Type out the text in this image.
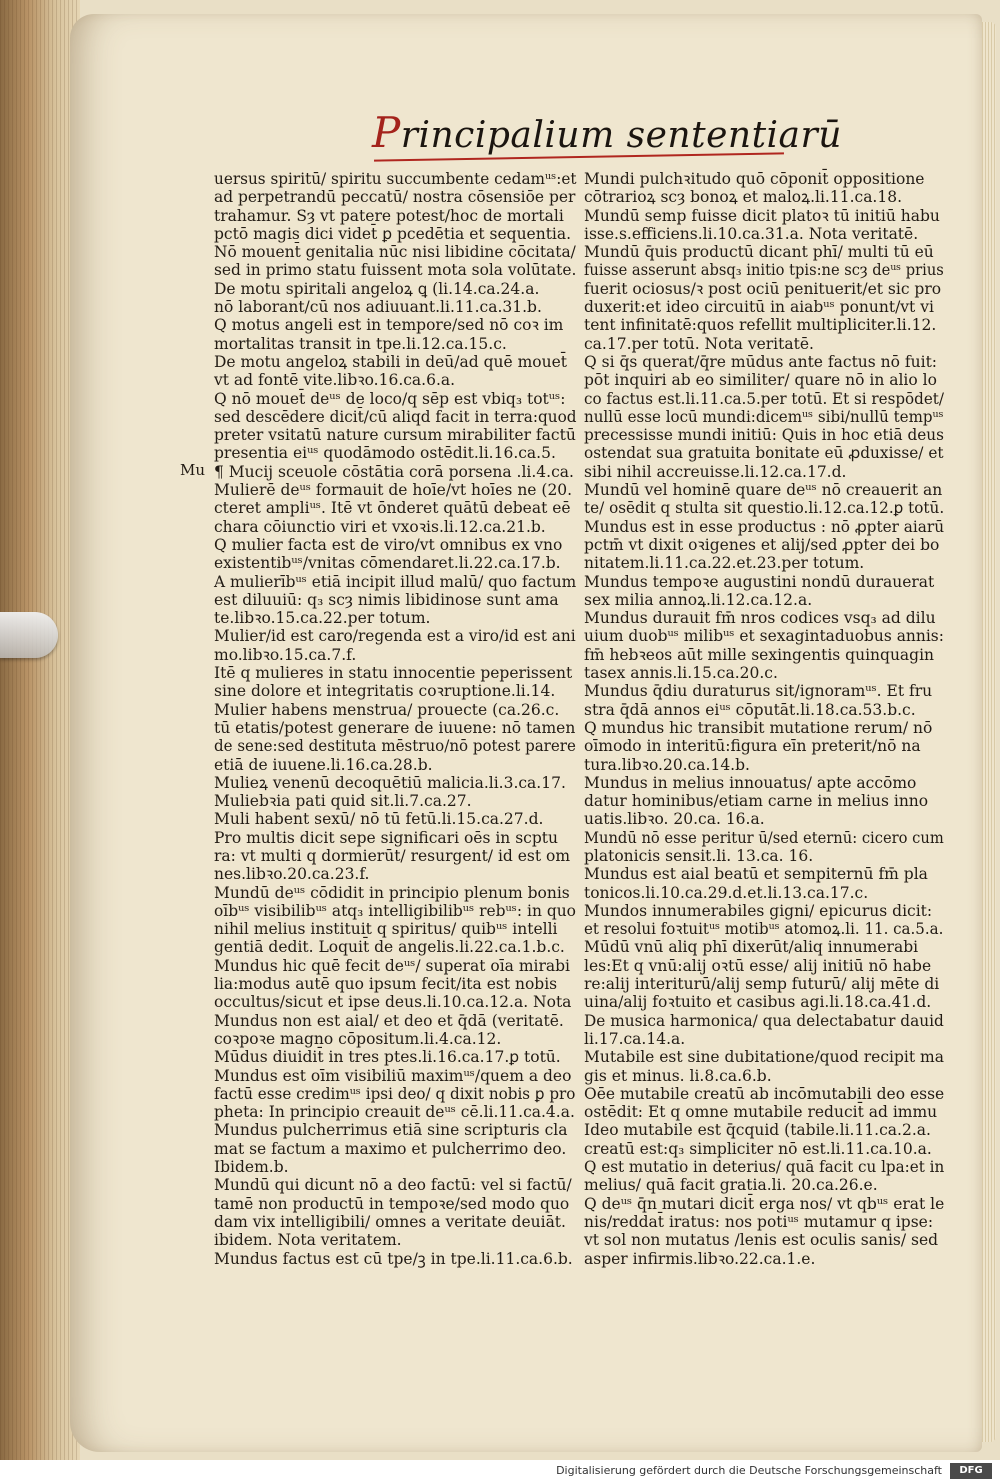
Principalium sententiarū
Mu
uersus spiritū/ spiritu succumbente cedamᵘˢ:et
ad perpetrandū peccatū/ nostra cōsensiōe per
trahamur. Sȝ vt patere potest/hoc de mortali
pctō magis dici videt̄ ꝑ pcedētia et sequentia.
Nō mouent̄ genitalia nūc nisi libidine cōcitata/
sed in primo statu fuissent mota sola volūtate.
De motu spiritali angeloꝝ ꝗ (li.14.ca.24.a.
nō laborant/cū nos adiuuant.li.11.ca.31.b.
Q motus angeli est in tempore/sed nō coꝛ im
mortalitas transit in tpe.li.12.ca.15.c.
De motu angeloꝝ stabili in deū/ad quē mouet̄
vt ad fontē vite.libꝛo.16.ca.6.a.
Q nō mouet̄ deᵘˢ de loco/q sēp est vbiq₃ totᵘˢ:
sed descēdere dicit̄/cū aliqd facit in terra:quod
preter vsitatū nature cursum mirabiliter factū
presentia eiᵘˢ quodāmodo ostēdit.li.16.ca.5.
¶ Mucij sceuole cōstātia corā porsena .li.4.ca.
Mulierē deᵘˢ formauit de hoīe/vt hoīes ne (20.
cteret ampliᵘˢ. Itē vt ōnderet quātū debeat eē
chara cōiunctio viri et vxoꝛis.li.12.ca.21.b.
Q mulier facta est de viro/vt omnibus ex vno
existentibᵘˢ/vnitas cōmendaret.li.22.ca.17.b.
A mulierībᵘˢ etiā incipit illud malū/ quo factum
est diluuiū: q₃ scȝ nimis libidinose sunt ama
te.libꝛo.15.ca.22.per totum.
Mulier/id est caro/regenda est a viro/id est ani
mo.libꝛo.15.ca.7.f.
Itē q mulieres in statu innocentie peperissent
sine dolore et integritatis coꝛruptione.li.14.
Mulier habens menstrua/ prouecte (ca.26.c.
tū etatis/potest generare de iuuene: nō tamen
de sene:sed destituta mēstruo/nō potest parere
etiā de iuuene.li.16.ca.28.b.
Mulieꝝ venenū decoquētiū malicia.li.3.ca.17.
Muliebꝛia pati quid sit.li.7.ca.27.
Muli habent sexū/ nō tū fetū.li.15.ca.27.d.
Pro multis dicit sepe significari oēs in scptu
ra: vt multi q dormierūt/ resurgent/ id est om
nes.libꝛo.20.ca.23.f.
Mundū deᵘˢ cōdidit in principio plenum bonis
oībᵘˢ visibilibᵘˢ atq₃ intelligibilibᵘˢ rebᵘˢ: in quo
nihil melius instituit q spiritus/ quibᵘˢ intelli
gentiā dedit. Loquit̄ de angelis.li.22.ca.1.b.c.
Mundus hic quē fecit deᵘˢ/ superat oīa mirabi
lia:modus autē quo ipsum fecit/ita est nobis
occultus/sicut et ipse deus.li.10.ca.12.a. Nota
Mundus non est aial/ et deo et q̄dā (veritatē.
coꝛpoꝛe magno cōpositum.li.4.ca.12.
Mūdus diuidit̄ in tres ptes.li.16.ca.17.ꝑ totū.
Mundus est oīm visibiliū maximᵘˢ/quem a deo
factū esse credimᵘˢ ipsi deo/ q dixit nobis ꝑ pro
pheta: In principio creauit deᵘˢ cē.li.11.ca.4.a.
Mundus pulcherrimus etiā sine scripturis cla
mat se factum a maximo et pulcherrimo deo.
Ibidem.b.
Mundū qui dicunt nō a deo factū: vel si factū/
tamē non productū in tempoꝛe/sed modo quo
dam vix intelligibili/ omnes a veritate deuiāt.
ibidem. Nota veritatem.
Mundus factus est cū tpe/ꝫ in tpe.li.11.ca.6.b.
Mundi pulchꝛitudo quō cōponit̄ oppositione
cōtrarioꝝ scȝ bonoꝝ et maloꝝ.li.11.ca.18.
Mundū semp fuisse dicit platoꝛ tū initiū habu
isse.s.efficiens.li.10.ca.31.a. Nota veritatē.
Mundū q̄uis productū dicant phī/ multi tū eū
fuisse asserunt absq₃ initio tpis:ne scȝ deᵘˢ prius
fuerit ociosus/ꝛ post ociū penituerit/et sic pro
duxerit:et ideo circuitū in aiabᵘˢ ponunt/vt vi
tent infinitatē:quos refellit multipliciter.li.12.
ca.17.per totū. Nota veritatē.
Q si q̄s querat/q̄re mūdus ante factus nō fuit:
pōt inquiri ab eo similiter/ quare nō in alio lo
co factus est.li.11.ca.5.per totū. Et si respōdet/
nullū esse locū mundi:dicemᵘˢ sibi/nullū tempᵘˢ
precessisse mundi initiū: Quis in hoc etiā deus
ostendat sua gratuita bonitate eū ꝓduxisse/ et
sibi nihil accreuisse.li.12.ca.17.d.
Mundū vel hominē quare deᵘˢ nō creauerit an
te/ osēdit q stulta sit questio.li.12.ca.12.ꝑ totū.
Mundus est in esse productus : nō ꝓpter aiarū
pctm̄ vt dixit oꝛigenes et alij/sed ꝓpter dei bo
nitatem.li.11.ca.22.et.23.per totum.
Mundus tempoꝛe augustini nondū durauerat
sex milia annoꝝ.li.12.ca.12.a.
Mundus durauit fm̄ nros codices vsq₃ ad dilu
uium duobᵘˢ milibᵘˢ et sexagintaduobus annis:
fm̄ hebꝛeos aūt mille sexingentis quinquagin
tasex annis.li.15.ca.20.c.
Mundus q̄diu duraturus sit/ignoramᵘˢ. Et fru
stra q̄dā annos eiᵘˢ cōputāt.li.18.ca.53.b.c.
Q mundus hic transibit mutatione rerum/ nō
oīmodo in interitū:figura eīn preterit/nō na
tura.libꝛo.20.ca.14.b.
Mundus in melius innouatus/ apte accōmo
datur hominibus/etiam carne in melius inno
uatis.libꝛo. 20.ca. 16.a.
Mundū nō esse peritur ū/sed eternū: cicero cum
platonicis sensit.li. 13.ca. 16.
Mundus est aial beatū et sempiternū fm̄ pla
tonicos.li.10.ca.29.d.et.li.13.ca.17.c.
Mundos innumerabiles gigni/ epicurus dicit:
et resolui foꝛtuitᵘˢ motibᵘˢ atomoꝝ.li. 11. ca.5.a.
Mūdū vnū aliq phī dixerūt/aliq innumerabi
les:Et q vnū:alij oꝛtū esse/ alij initiū nō habe
re:alij interiturū/alij semp futurū/ alij mēte di
uina/alij foꝛtuito et casibus agi.li.18.ca.41.d.
De musica harmonica/ qua delectabatur dauid
li.17.ca.14.a.
Mutabile est sine dubitatione/quod recipit ma
gis et minus. li.8.ca.6.b.
Oēe mutabile creatū ab incōmutabili deo esse
ostēdit: Et q omne mutabile reducit̄ ad immu
Ideo mutabile est q̄cquid (tabile.li.11.ca.2.a.
creatū est:q₃ simpliciter nō est.li.11.ca.10.a.
Q est mutatio in deterius/ quā facit cu lpa:et in
melius/ quā facit gratia.li. 20.ca.26.e.
Q deᵘˢ q̄n mutari dicit̄ erga nos/ vt qbᵘˢ erat le
nis/reddat̄ iratus: nos potiᵘˢ mutamur q ipse:
vt sol non mutatus /lenis est oculis sanis/ sed
asper infirmis.libꝛo.22.ca.1.e.
Digitalisierung gefördert durch die Deutsche Forschungsgemeinschaft	DFG
